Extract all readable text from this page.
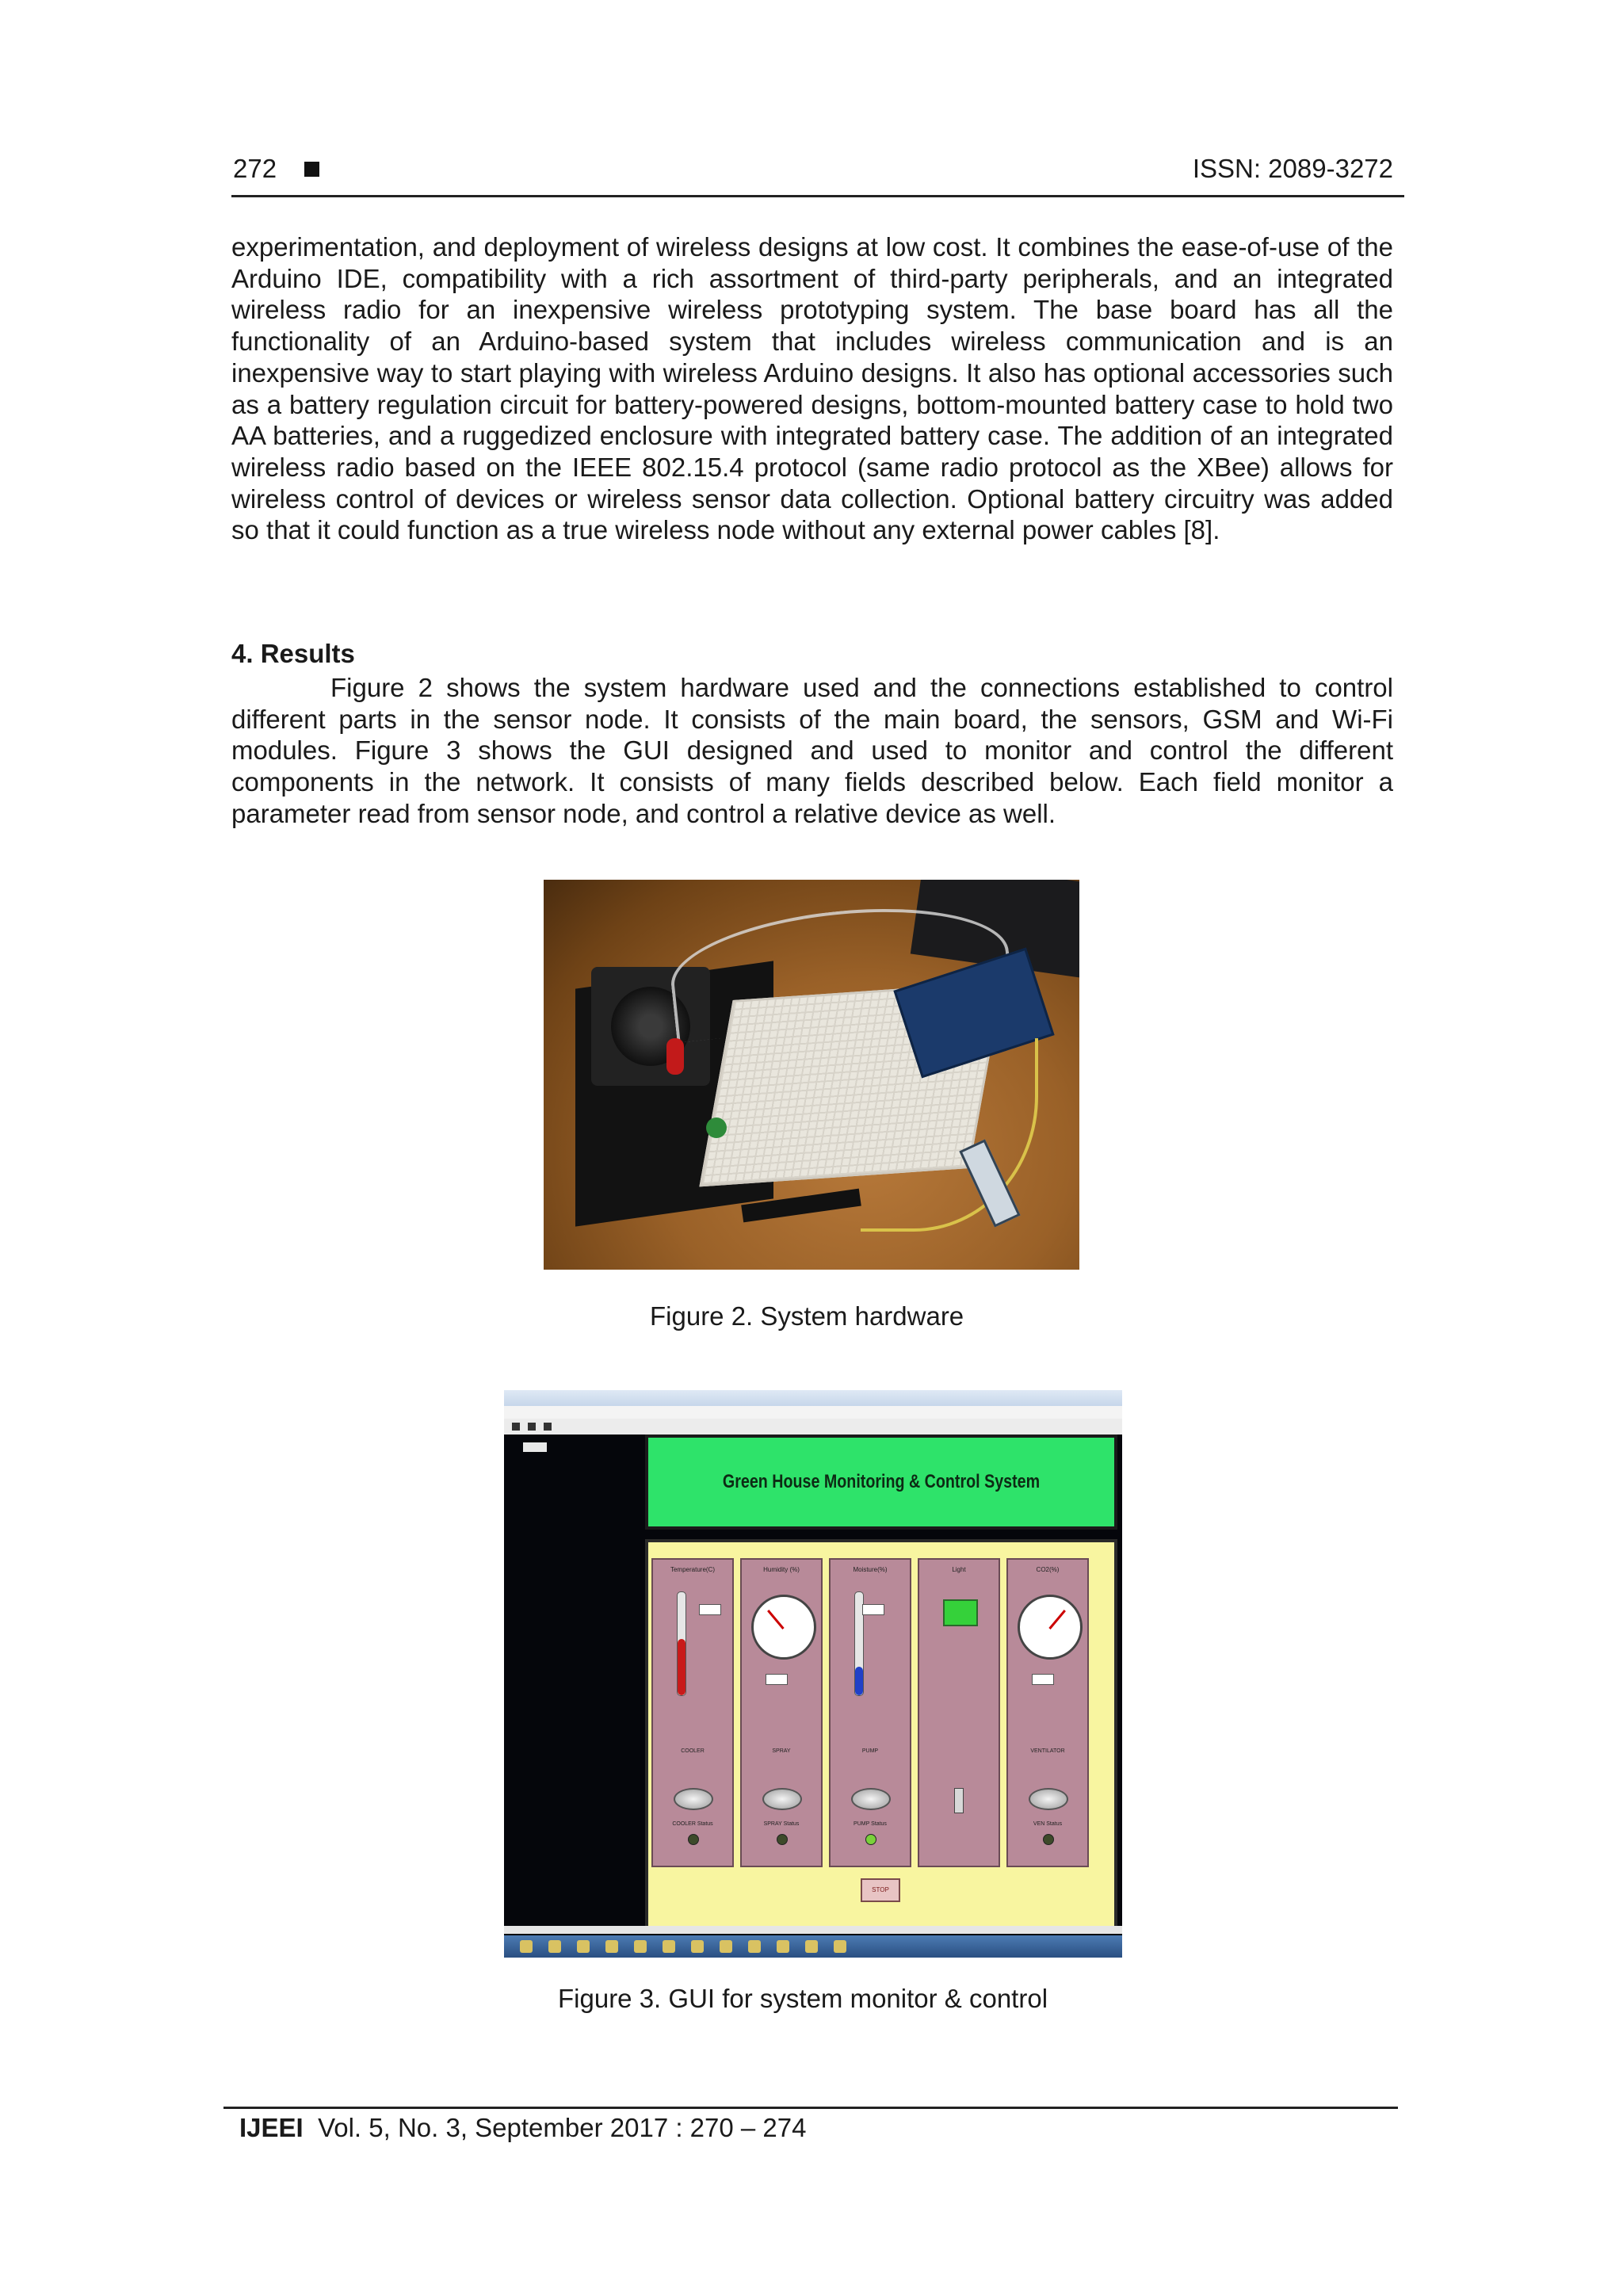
272	ISSN: 2089-3272
experimentation, and deployment of wireless designs at low cost. It combines the ease-of-use of the Arduino IDE, compatibility with a rich assortment of third-party peripherals, and an integrated wireless radio for an inexpensive wireless prototyping system. The base board has all the functionality of an Arduino-based system that includes wireless communication and is an inexpensive way to start playing with wireless Arduino designs. It also has optional accessories such as a battery regulation circuit for battery-powered designs, bottom-mounted battery case to hold two AA batteries, and a ruggedized enclosure with integrated battery case. The addition of an integrated wireless radio based on the IEEE 802.15.4 protocol (same radio protocol as the XBee) allows for wireless control of devices or wireless sensor data collection. Optional battery circuitry was added so that it could function as a true wireless node without any external power cables [8].
4. Results
Figure 2 shows the system hardware used and the connections established to control different parts in the sensor node. It consists of the main board, the sensors, GSM and Wi-Fi modules. Figure 3 shows the GUI designed and used to monitor and control the different components in the network. It consists of many fields described below. Each field monitor a parameter read from sensor node, and control a relative device as well.
Figure 2. System hardware
Green House Monitoring & Control System
Temperature(C)
COOLER
COOLER Status
Humidity (%)
SPRAY
SPRAY Status
Moisture(%)
PUMP
PUMP Status
Light	CO2(%)
VENTILATOR
VEN Status
STOP
Figure 3. GUI for system monitor & control
IJEEI Vol. 5, No. 3, September 2017 : 270 – 274
